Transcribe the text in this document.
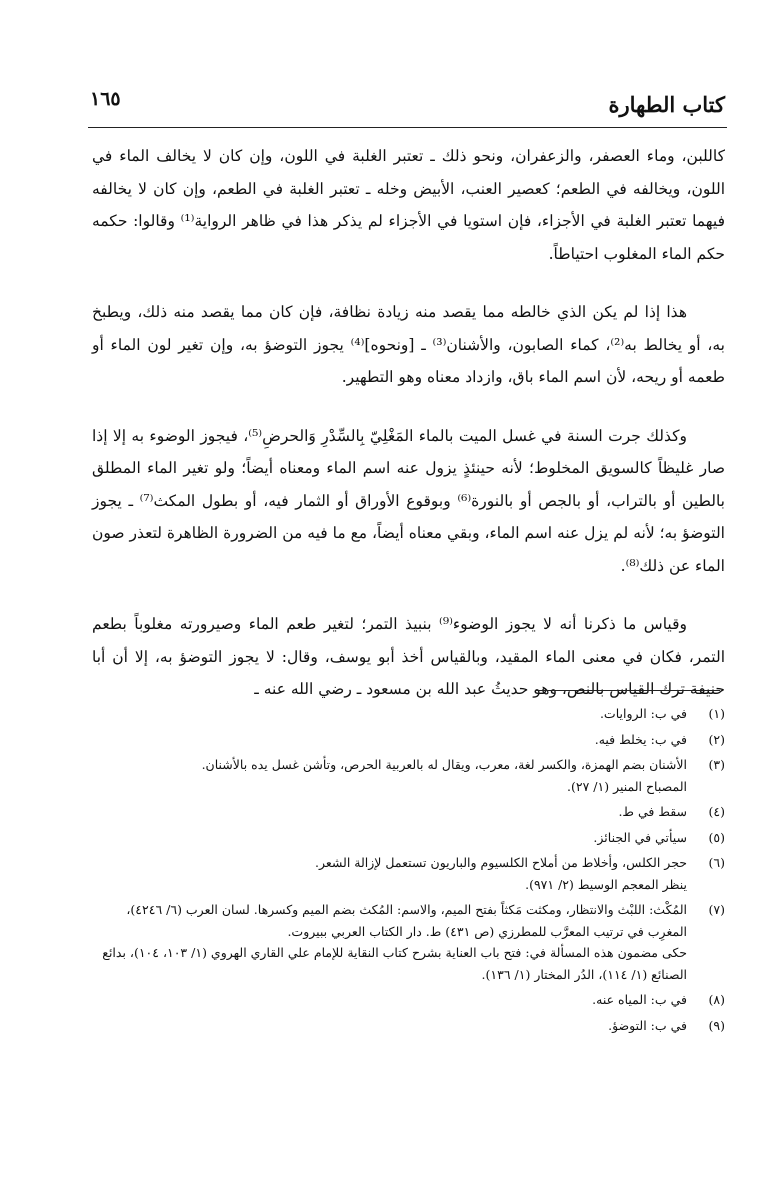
كتاب الطهارة
١٦٥

كاللبن، وماء العصفر، والزعفران، ونحو ذلك ـ تعتبر الغلبة في اللون، وإن كان لا يخالف الماء في اللون، ويخالفه في الطعم؛ كعصير العنب، الأبيض وخله ـ تعتبر الغلبة في الطعم، وإن كان لا يخالفه فيهما تعتبر الغلبة في الأجزاء، فإن استويا في الأجزاء لم يذكر هذا في ظاهر الرواية⁽¹⁾ وقالوا: حكمه حكم الماء المغلوب احتياطاً.

هذا إذا لم يكن الذي خالطه مما يقصد منه زيادة نظافة، فإن كان مما يقصد منه ذلك، ويطبخ به، أو يخالط به⁽²⁾، كماء الصابون، والأشنان⁽³⁾ ـ [ونحوه]⁽⁴⁾ يجوز التوضؤ به، وإن تغير لون الماء أو طعمه أو ريحه، لأن اسم الماء باق، وازداد معناه وهو التطهير.

وكذلك جرت السنة في غسل الميت بالماء المَغْلِيّ بِالسِّدْرِ وَالحرضِ⁽⁵⁾، فيجوز الوضوء به إلا إذا صار غليظاً كالسويق المخلوط؛ لأنه حينئذٍ يزول عنه اسم الماء ومعناه أيضاً؛ ولو تغير الماء المطلق بالطين أو بالتراب، أو بالجص أو بالنورة⁽⁶⁾ وبوقوع الأوراق أو الثمار فيه، أو بطول المكث⁽⁷⁾ ـ يجوز التوضؤ به؛ لأنه لم يزل عنه اسم الماء، وبقي معناه أيضاً، مع ما فيه من الضرورة الظاهرة لتعذر صون الماء عن ذلك⁽⁸⁾.

وقياس ما ذكرنا أنه لا يجوز الوضوء⁽⁹⁾ بنبيذ التمر؛ لتغير طعم الماء وصيرورته مغلوباً بطعم التمر، فكان في معنى الماء المقيد، وبالقياس أخذ أبو يوسف، وقال: لا يجوز التوضؤ به، إلا أن أبا حنيفة ترك القياس بالنص، وهو حديثُ عبد الله بن مسعود ـ رضي الله عنه ـ

(١)
في ب: الروايات.
(٢)
في ب: يخلط فيه.
(٣)
الأشنان بضم الهمزة، والكسر لغة، معرب، ويقال له بالعربية الحرص، وتأشن غسل يده بالأشنان.
المصباح المنير (١/ ٢٧).
(٤)
سقط في ط.
(٥)
سيأتي في الجنائز.
(٦)
حجر الكلس، وأخلاط من أملاح الكلسيوم والباريون تستعمل لإزالة الشعر.
ينظر المعجم الوسيط (٢/ ٩٧١).
(٧)
المُكْث: اللبْث والانتظار، ومكثت مَكثاً بفتح الميم، والاسم: المُكث بضم الميم وكسرها. لسان العرب (٦/ ٤٢٤٦)، المغرِب في ترتيب المعرَّب للمطرزي (ص ٤٣١) ط. دار الكتاب العربي ببيروت.
حكى مضمون هذه المسألة في: فتح باب العناية بشرح كتاب النقاية للإمام علي القاري الهروي (١/ ١٠٣، ١٠٤)، بدائع الصنائع (١/ ١١٤)، الدُر المختار (١/ ١٣٦).
(٨)
في ب: المياه عنه.
(٩)
في ب: التوضؤ.
